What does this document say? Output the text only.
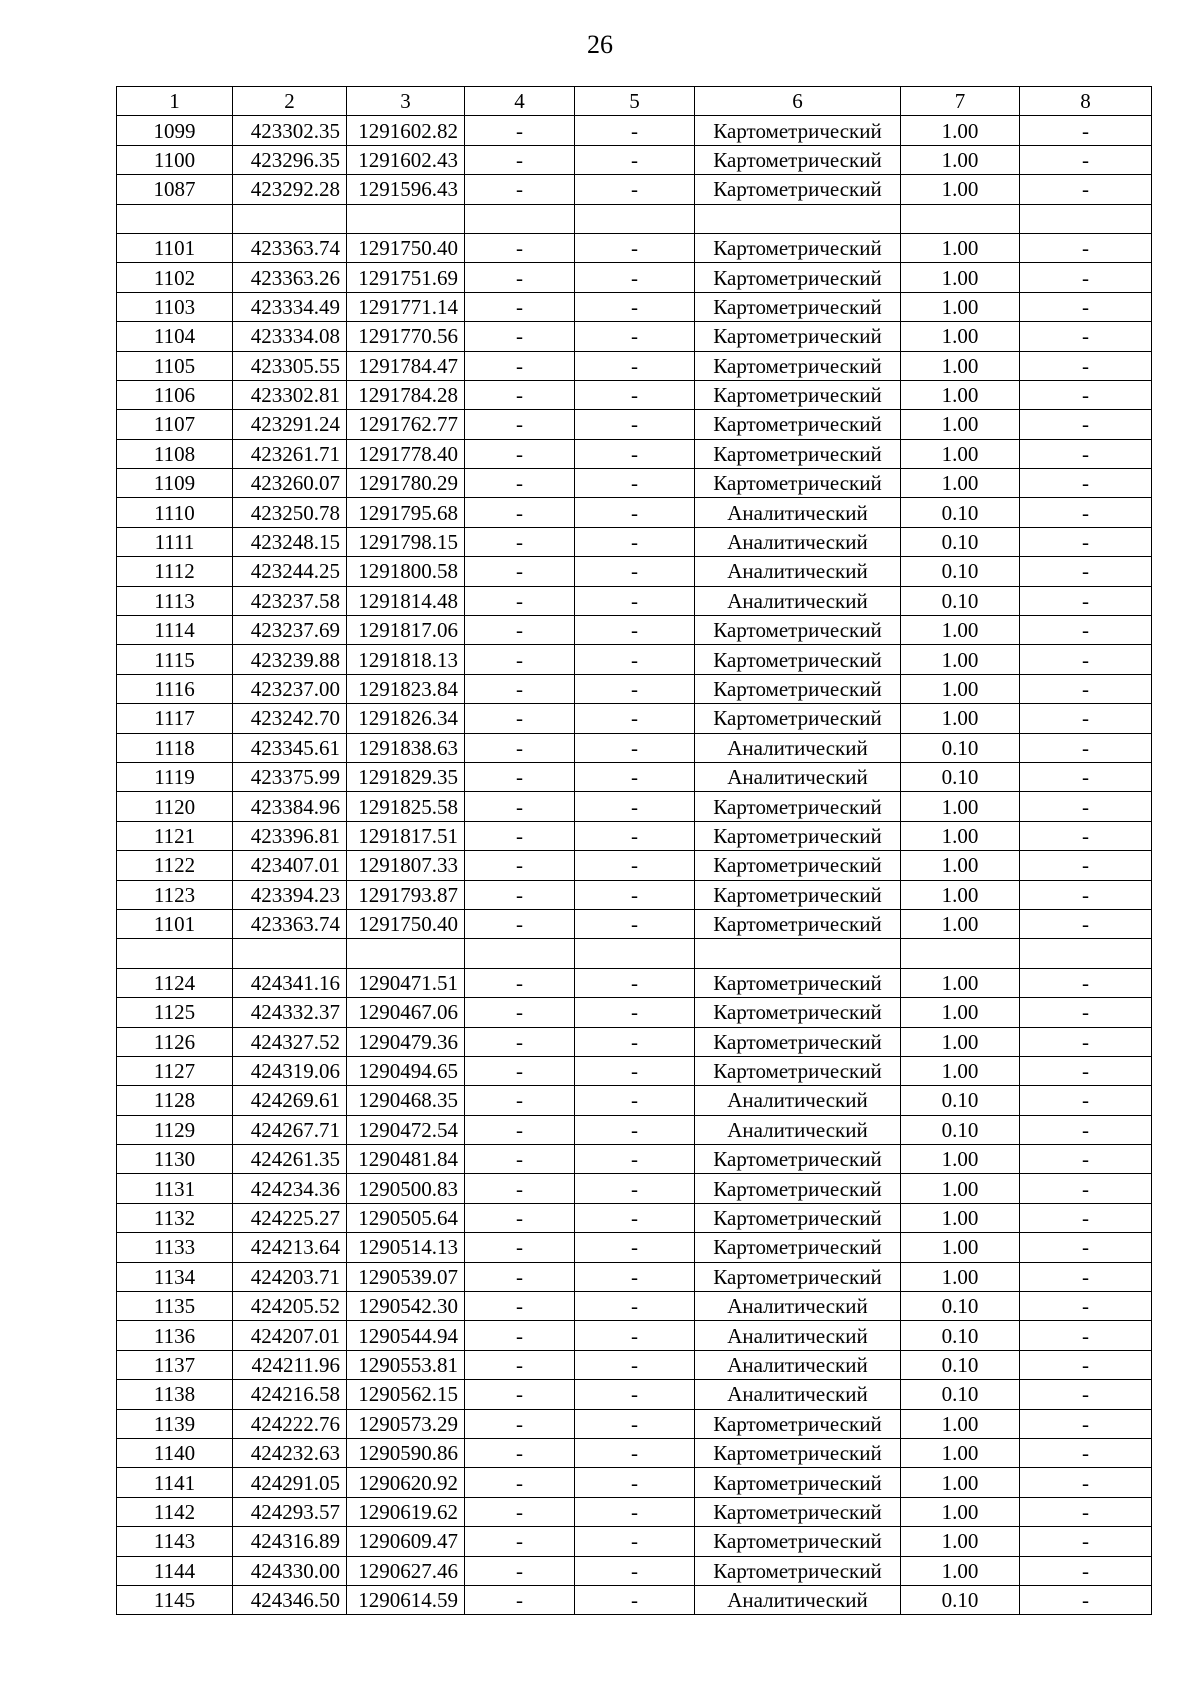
26
1	2	3	4	5	6	7	8
1099	423302.35	1291602.82	-	-	Картометрический	1.00	-
1100	423296.35	1291602.43	-	-	Картометрический	1.00	-
1087	423292.28	1291596.43	-	-	Картометрический	1.00	-

1101	423363.74	1291750.40	-	-	Картометрический	1.00	-
1102	423363.26	1291751.69	-	-	Картометрический	1.00	-
1103	423334.49	1291771.14	-	-	Картометрический	1.00	-
1104	423334.08	1291770.56	-	-	Картометрический	1.00	-
1105	423305.55	1291784.47	-	-	Картометрический	1.00	-
1106	423302.81	1291784.28	-	-	Картометрический	1.00	-
1107	423291.24	1291762.77	-	-	Картометрический	1.00	-
1108	423261.71	1291778.40	-	-	Картометрический	1.00	-
1109	423260.07	1291780.29	-	-	Картометрический	1.00	-
1110	423250.78	1291795.68	-	-	Аналитический	0.10	-
1111	423248.15	1291798.15	-	-	Аналитический	0.10	-
1112	423244.25	1291800.58	-	-	Аналитический	0.10	-
1113	423237.58	1291814.48	-	-	Аналитический	0.10	-
1114	423237.69	1291817.06	-	-	Картометрический	1.00	-
1115	423239.88	1291818.13	-	-	Картометрический	1.00	-
1116	423237.00	1291823.84	-	-	Картометрический	1.00	-
1117	423242.70	1291826.34	-	-	Картометрический	1.00	-
1118	423345.61	1291838.63	-	-	Аналитический	0.10	-
1119	423375.99	1291829.35	-	-	Аналитический	0.10	-
1120	423384.96	1291825.58	-	-	Картометрический	1.00	-
1121	423396.81	1291817.51	-	-	Картометрический	1.00	-
1122	423407.01	1291807.33	-	-	Картометрический	1.00	-
1123	423394.23	1291793.87	-	-	Картометрический	1.00	-
1101	423363.74	1291750.40	-	-	Картометрический	1.00	-

1124	424341.16	1290471.51	-	-	Картометрический	1.00	-
1125	424332.37	1290467.06	-	-	Картометрический	1.00	-
1126	424327.52	1290479.36	-	-	Картометрический	1.00	-
1127	424319.06	1290494.65	-	-	Картометрический	1.00	-
1128	424269.61	1290468.35	-	-	Аналитический	0.10	-
1129	424267.71	1290472.54	-	-	Аналитический	0.10	-
1130	424261.35	1290481.84	-	-	Картометрический	1.00	-
1131	424234.36	1290500.83	-	-	Картометрический	1.00	-
1132	424225.27	1290505.64	-	-	Картометрический	1.00	-
1133	424213.64	1290514.13	-	-	Картометрический	1.00	-
1134	424203.71	1290539.07	-	-	Картометрический	1.00	-
1135	424205.52	1290542.30	-	-	Аналитический	0.10	-
1136	424207.01	1290544.94	-	-	Аналитический	0.10	-
1137	424211.96	1290553.81	-	-	Аналитический	0.10	-
1138	424216.58	1290562.15	-	-	Аналитический	0.10	-
1139	424222.76	1290573.29	-	-	Картометрический	1.00	-
1140	424232.63	1290590.86	-	-	Картометрический	1.00	-
1141	424291.05	1290620.92	-	-	Картометрический	1.00	-
1142	424293.57	1290619.62	-	-	Картометрический	1.00	-
1143	424316.89	1290609.47	-	-	Картометрический	1.00	-
1144	424330.00	1290627.46	-	-	Картометрический	1.00	-
1145	424346.50	1290614.59	-	-	Аналитический	0.10	-
